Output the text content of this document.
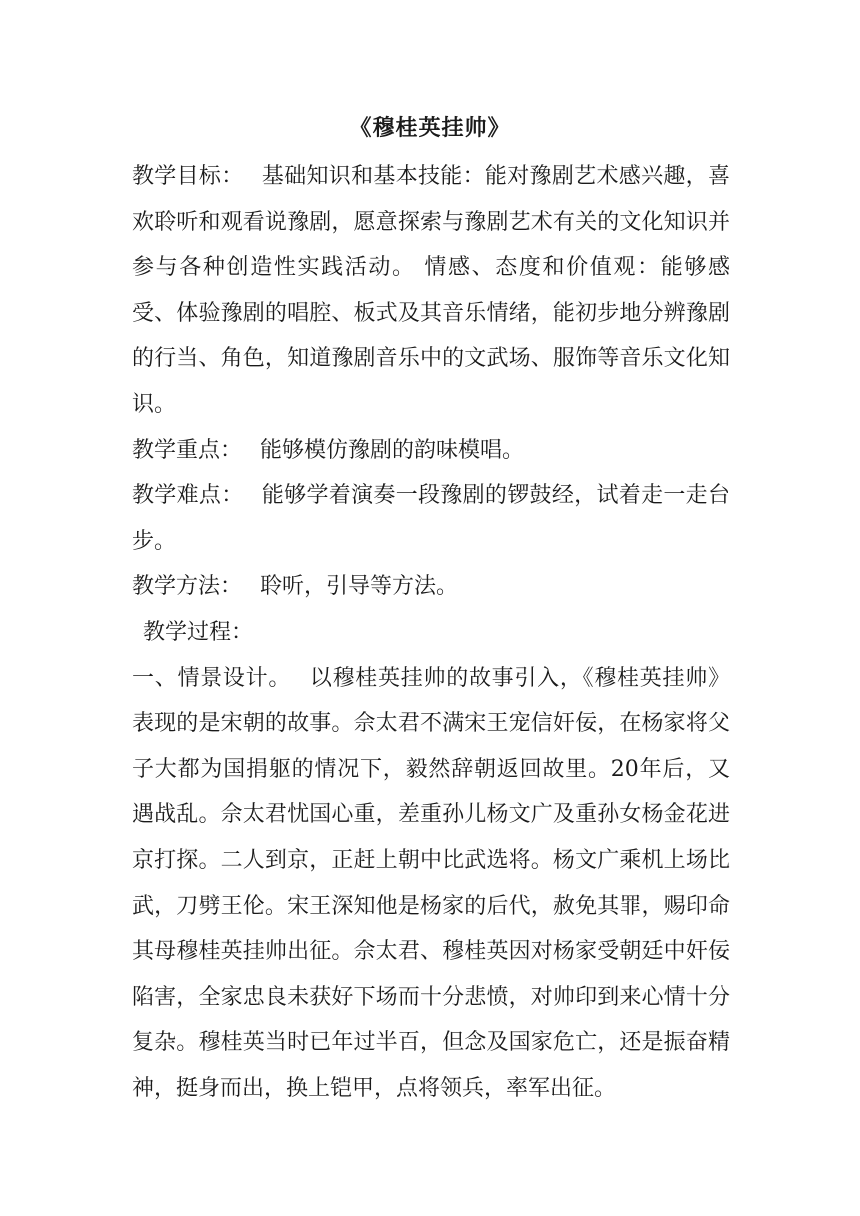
《穆桂英挂帅》

教学目标： 基础知识和基本技能：能对豫剧艺术感兴趣，喜欢聆听和观看说豫剧，愿意探索与豫剧艺术有关的文化知识并参与各种创造性实践活动。 情感、态度和价值观：能够感受、体验豫剧的唱腔、板式及其音乐情绪，能初步地分辨豫剧的行当、角色，知道豫剧音乐中的文武场、服饰等音乐文化知识。

教学重点： 能够模仿豫剧的韵味模唱。

教学难点： 能够学着演奏一段豫剧的锣鼓经，试着走一走台步。

教学方法： 聆听，引导等方法。

教学过程：

一、情景设计。 以穆桂英挂帅的故事引入，《穆桂英挂帅》表现的是宋朝的故事。佘太君不满宋王宠信奸佞，在杨家将父子大都为国捐躯的情况下，毅然辞朝返回故里。20年后，又遇战乱。佘太君忧国心重，差重孙儿杨文广及重孙女杨金花进京打探。二人到京，正赶上朝中比武选将。杨文广乘机上场比武，刀劈王伦。宋王深知他是杨家的后代，赦免其罪，赐印命其母穆桂英挂帅出征。佘太君、穆桂英因对杨家受朝廷中奸佞陷害，全家忠良未获好下场而十分悲愤，对帅印到来心情十分复杂。穆桂英当时已年过半百，但念及国家危亡，还是振奋精神，挺身而出，换上铠甲，点将领兵，率军出征。
